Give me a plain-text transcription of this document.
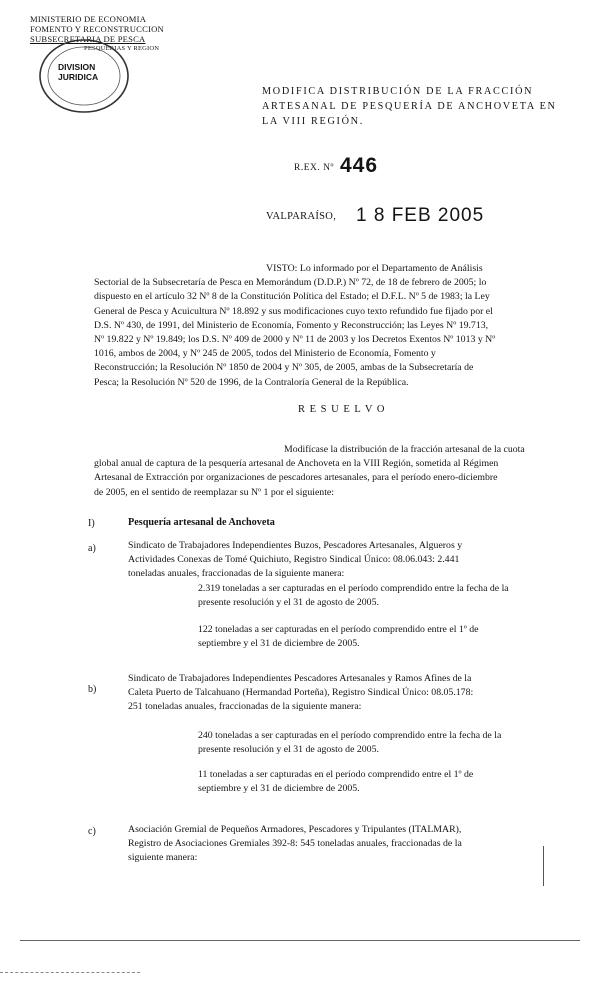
MINISTERIO DE ECONOMIA
FOMENTO Y RECONSTRUCCION
SUBSECRETARIA DE PESCA
PESQUERIAS Y REGION
DIVISION JURIDICA
MODIFICA DISTRIBUCIÓN DE LA FRACCIÓN
ARTESANAL DE PESQUERÍA DE ANCHOVETA EN
LA VIII REGIÓN.
R.EX. Nº 446
VALPARAÍSO, 1 8 FEB 2005
VISTO: Lo informado por el Departamento de Análisis
Sectorial de la Subsecretaría de Pesca en Memorándum (D.D.P.) Nº 72, de 18 de febrero de 2005; lo
dispuesto en el artículo 32 Nº 8 de la Constitución Política del Estado; el D.F.L. Nº 5 de 1983; la Ley
General de Pesca y Acuicultura Nº 18.892 y sus modificaciones cuyo texto refundido fue fijado por el
D.S. Nº 430, de 1991, del Ministerio de Economía, Fomento y Reconstrucción; las Leyes Nº 19.713,
Nº 19.822 y Nº 19.849; los D.S. Nº 409 de 2000 y Nº 11 de 2003 y los Decretos Exentos Nº 1013 y Nº
1016, ambos de 2004, y Nº 245 de 2005, todos del Ministerio de Economía, Fomento y
Reconstrucción; la Resolución Nº 1850 de 2004 y Nº 305, de 2005, ambas de la Subsecretaría de
Pesca; la Resolución Nº 520 de 1996, de la Contraloría General de la República.
R E S U E L V O
Modifícase la distribución de la fracción artesanal de la cuota
global anual de captura de la pesquería artesanal de Anchoveta en la VIII Región, sometida al Régimen
Artesanal de Extracción por organizaciones de pescadores artesanales, para el período enero-diciembre
de 2005, en el sentido de reemplazar su Nº 1 por el siguiente:
I)	Pesquería artesanal de Anchoveta
a)	Sindicato de Trabajadores Independientes Buzos, Pescadores Artesanales, Algueros y
Actividades Conexas de Tomé Quichiuto, Registro Sindical Único: 08.06.043: 2.441
toneladas anuales, fraccionadas de la siguiente manera:
2.319 toneladas a ser capturadas en el período comprendido entre la fecha de la
presente resolución y el 31 de agosto de 2005.
122 toneladas a ser capturadas en el período comprendido entre el 1º de
septiembre y el 31 de diciembre de 2005.
b)
Sindicato de Trabajadores Independientes Pescadores Artesanales y Ramos Afines de la
Caleta Puerto de Talcahuano (Hermandad Porteña), Registro Sindical Único: 08.05.178:
251 toneladas anuales, fraccionadas de la siguiente manera:
240 toneladas a ser capturadas en el período comprendido entre la fecha de la
presente resolución y el 31 de agosto de 2005.
11 toneladas a ser capturadas en el período comprendido entre el 1º de
septiembre y el 31 de diciembre de 2005.
c)	Asociación Gremial de Pequeños Armadores, Pescadores y Tripulantes (ITALMAR),
Registro de Asociaciones Gremiales 392-8: 545 toneladas anuales, fraccionadas de la
siguiente manera:
